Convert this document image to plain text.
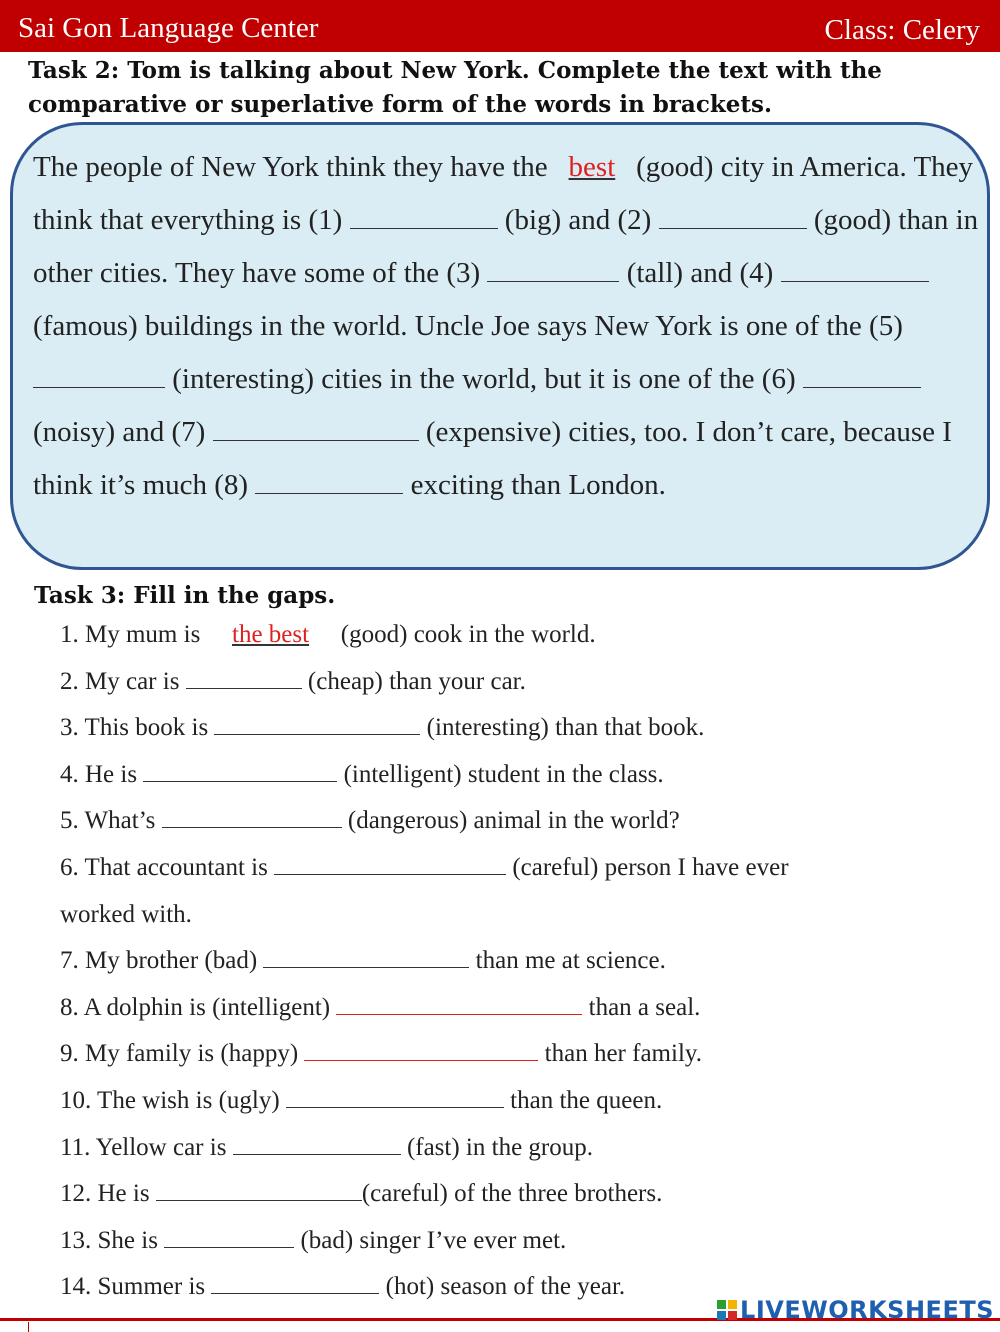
Sai Gon Language Center	Class: Celery
Task 2: Tom is talking about New York. Complete the text with the comparative or superlative form of the words in brackets.
The people of New York think they have the best (good) city in America. They think that everything is (1)	(big) and (2)	(good) than in other cities. They have some of the (3)	(tall) and (4)  (famous) buildings in the world. Uncle Joe says New York is one of the (5)  (interesting) cities in the world, but it is one of the (6)  (noisy) and (7)	(expensive) cities, too. I don’t care, because I think it’s much (8)	exciting than London.
Task 3: Fill in the gaps.
1. My mum is the best (good) cook in the world.
2. My car is	(cheap) than your car.
3. This book is	(interesting) than that book.
4. He is	(intelligent) student in the class.
5. What’s	(dangerous) animal in the world?
6. That accountant is	(careful) person I have ever
worked with.
7. My brother (bad)	than me at science.
8. A dolphin is (intelligent)	than a seal.
9. My family is (happy)	than her family.
10. The wish is (ugly)	than the queen.
11. Yellow car is	(fast) in the group.
12. He is	(careful) of the three brothers.
13. She is	(bad) singer I’ve ever met.
14. Summer is	(hot) season of the year.
LIVEWORKSHEETS
